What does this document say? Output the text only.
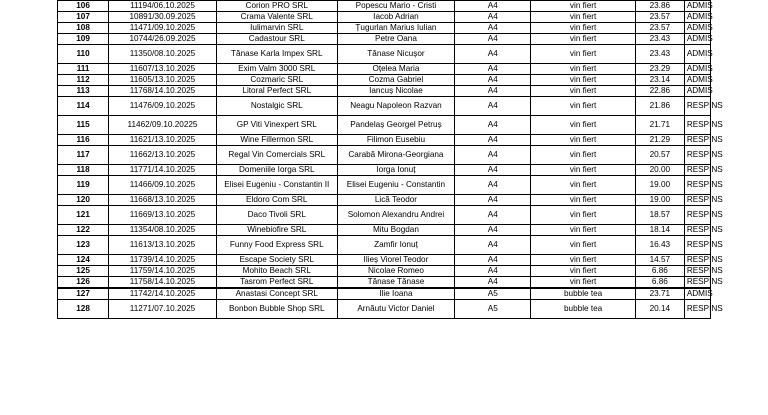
106	11194/06.10.2025	Corion PRO SRL	Popescu Mario - Cristi	A4	vin fiert	23.86	ADMIS
107	10891/30.09.2025	Crama Valente SRL	Iacob Adrian	A4	vin fiert	23.57	ADMIS
108	11471/09.10.2025	Iulimarvin SRL	Țugurlan Marius Iulian	A4	vin fiert	23.57	ADMIS
109	10744/26.09.2025	Cadastour SRL	Petre Oana	A4	vin fiert	23.43	ADMIS
110	11350/08.10.2025	Tănase Karla Impex SRL	Tănase Nicușor	A4	vin fiert	23.43	ADMIS
111	11607/13.10.2025	Exim Valm 3000 SRL	Oțelea Maria	A4	vin fiert	23.29	ADMIS
112	11605/13.10.2025	Cozmaric SRL	Cozma Gabriel	A4	vin fiert	23.14	ADMIS
113	11768/14.10.2025	Litoral Perfect SRL	Iancuș Nicolae	A4	vin fiert	22.86	ADMIS
114	11476/09.10.2025	Nostalgic SRL	Neagu Napoleon Razvan	A4	vin fiert	21.86	RESPINS
115	11462/09.10.20225	GP Viti Vinexpert SRL	Pandelaș Georgel Petruș	A4	vin fiert	21.71	RESPINS
116	11621/13.10.2025	Wine Fillermon SRL	Filimon Eusebiu	A4	vin fiert	21.29	RESPINS
117	11662/13.10.2025	Regal Vin Comercials SRL	Carabă Mirona-Georgiana	A4	vin fiert	20.57	RESPINS
118	11771/14.10.2025	Domeniile Iorga SRL	Iorga Ionuț	A4	vin fiert	20.00	RESPINS
119	11466/09.10.2025	Elisei Eugeniu - Constantin II	Elisei Eugeniu - Constantin	A4	vin fiert	19.00	RESPINS
120	11668/13.10.2025	Eldoro Com SRL	Lică Teodor	A4	vin fiert	19.00	RESPINS
121	11669/13.10.2025	Daco Tivoli SRL	Solomon Alexandru Andrei	A4	vin fiert	18.57	RESPINS
122	11354/08.10.2025	Winebiofire SRL	Mitu Bogdan	A4	vin fiert	18.14	RESPINS
123	11613/13.10.2025	Funny Food Express SRL	Zamfir Ionuț	A4	vin fiert	16.43	RESPINS
124	11739/14.10.2025	Escape Society SRL	Ilieș Viorel Teodor	A4	vin fiert	14.57	RESPINS
125	11759/14.10.2025	Mohito Beach SRL	Nicolae Romeo	A4	vin fiert	6.86	RESPINS
126	11758/14.10.2025	Tasrom Perfect SRL	Tănase Tănase	A4	vin fiert	6.86	RESPINS
127	11742/14.10.2025	Anastasi Concept SRL	Ilie Ioana	A5	bubble tea	23.71	ADMIS
128	11271/07.10.2025	Bonbon Bubble Shop SRL	Arnăutu Victor Daniel	A5	bubble tea	20.14	RESPINS
